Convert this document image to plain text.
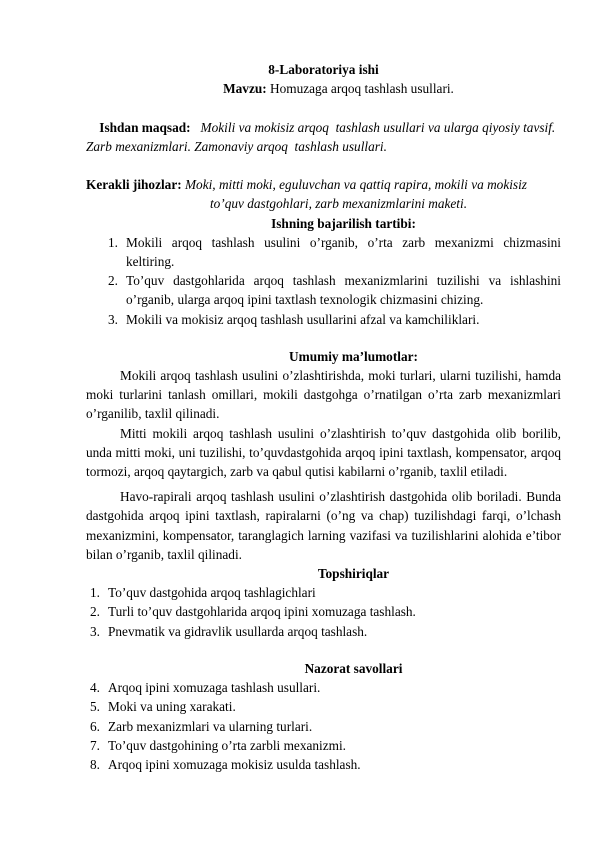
8-Laboratoriya ishi

Mavzu: Homuzaga arqoq tashlash usullari.

Ishdan maqsad:   Mokili va mokisiz arqoq  tashlash usullari va ularga qiyosiy tavsif. Zarb mexanizmlari. Zamonaviy arqoq  tashlash usullari.

Kerakli jihozlar: Moki, mitti moki, eguluvchan va qattiq rapira, mokili va mokisiz

to’quv dastgohlari, zarb mexanizmlarini maketi.

Ishning bajarilish tartibi:

1. Mokili arqoq tashlash usulini o’rganib, o’rta zarb mexanizmi chizmasini keltiring.
2. To’quv dastgohlarida arqoq tashlash mexanizmlarini tuzilishi va ishlashini o’rganib, ularga arqoq ipini taxtlash texnologik chizmasini chizing.
3. Mokili va mokisiz arqoq tashlash usullarini afzal va kamchiliklari.

Umumiy ma’lumotlar:

Mokili arqoq tashlash usulini o’zlashtirishda, moki turlari, ularni tuzilishi, hamda moki turlarini tanlash omillari, mokili dastgohga o’rnatilgan o’rta zarb mexanizmlari o’rganilib, taxlil qilinadi.

Mitti mokili arqoq tashlash usulini o’zlashtirish to’quv dastgohida olib borilib, unda mitti moki, uni tuzilishi, to’quvdastgohida arqoq ipini taxtlash, kompensator, arqoq tormozi, arqoq qaytargich, zarb va qabul qutisi kabilarni o’rganib, taxlil etiladi.

Havo-rapirali arqoq tashlash usulini o’zlashtirish dastgohida olib boriladi. Bunda dastgohida arqoq ipini taxtlash, rapiralarni (o’ng va chap) tuzilishdagi farqi, o’lchash mexanizmini, kompensator, taranglagich larning vazifasi va tuzilishlarini alohida e’tibor bilan o’rganib, taxlil qilinadi.

Topshiriqlar

1. To’quv dastgohida arqoq tashlagichlari
2. Turli to’quv dastgohlarida arqoq ipini xomuzaga tashlash.
3. Pnevmatik va gidravlik usullarda arqoq tashlash.

Nazorat savollari

4. Arqoq ipini xomuzaga tashlash usullari.
5. Moki va uning xarakati.
6. Zarb mexanizmlari va ularning turlari.
7. To’quv dastgohining o’rta zarbli mexanizmi.
8. Arqoq ipini xomuzaga mokisiz usulda tashlash.
